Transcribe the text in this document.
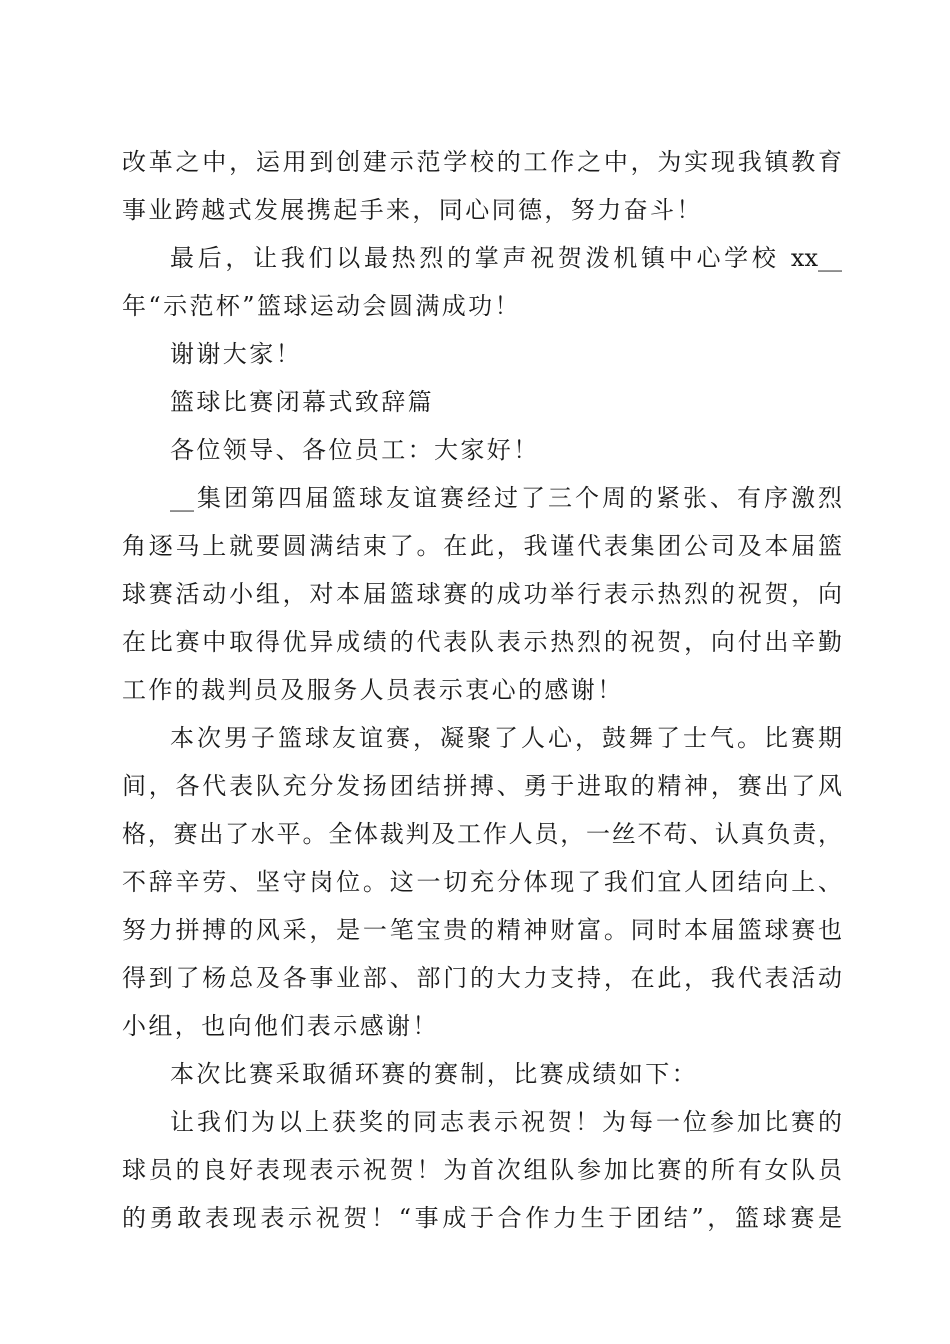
改革之中，运用到创建示范学校的工作之中，为实现我镇教育
事业跨越式发展携起手来，同心同德，努力奋斗！
最后，让我们以最热烈的掌声祝贺泼机镇中心学校 xx__
年“示范杯”篮球运动会圆满成功！
谢谢大家！
篮球比赛闭幕式致辞篇
各位领导、各位员工：大家好！
__集团第四届篮球友谊赛经过了三个周的紧张、有序激烈
角逐马上就要圆满结束了。在此，我谨代表集团公司及本届篮
球赛活动小组，对本届篮球赛的成功举行表示热烈的祝贺，向
在比赛中取得优异成绩的代表队表示热烈的祝贺，向付出辛勤
工作的裁判员及服务人员表示衷心的感谢！
本次男子篮球友谊赛，凝聚了人心，鼓舞了士气。比赛期
间，各代表队充分发扬团结拼搏、勇于进取的精神，赛出了风
格，赛出了水平。全体裁判及工作人员，一丝不苟、认真负责，
不辞辛劳、坚守岗位。这一切充分体现了我们宜人团结向上、
努力拼搏的风采，是一笔宝贵的精神财富。同时本届篮球赛也
得到了杨总及各事业部、部门的大力支持，在此，我代表活动
小组，也向他们表示感谢！
本次比赛采取循环赛的赛制，比赛成绩如下：
让我们为以上获奖的同志表示祝贺！为每一位参加比赛的
球员的良好表现表示祝贺！为首次组队参加比赛的所有女队员
的勇敢表现表示祝贺！“事成于合作力生于团结”，篮球赛是
